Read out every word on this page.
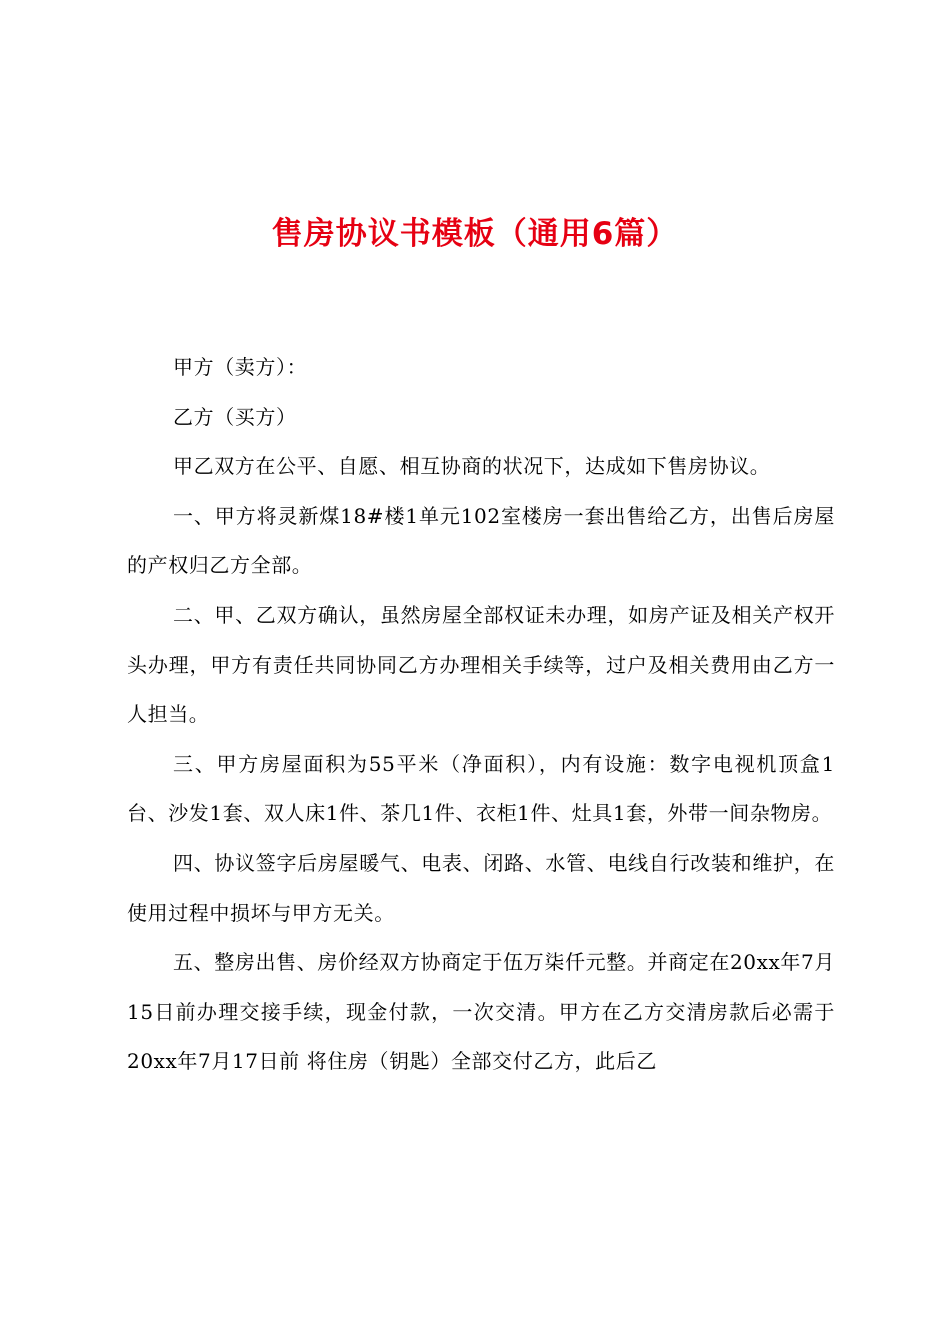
售房协议书模板（通用6篇）

甲方（卖方）：

乙方（买方）

甲乙双方在公平、自愿、相互协商的状况下，达成如下售房协议。

一、甲方将灵新煤18#楼1单元102室楼房一套出售给乙方，出售后房屋的产权归乙方全部。

二、甲、乙双方确认，虽然房屋全部权证未办理，如房产证及相关产权开头办理，甲方有责任共同协同乙方办理相关手续等，过户及相关费用由乙方一人担当。

三、甲方房屋面积为55平米（净面积），内有设施：数字电视机顶盒1台、沙发1套、双人床1件、茶几1件、衣柜1件、灶具1套，外带一间杂物房。

四、协议签字后房屋暖气、电表、闭路、水管、电线自行改装和维护，在使用过程中损坏与甲方无关。

五、整房出售、房价经双方协商定于伍万柒仟元整。并商定在20xx年7月15日前办理交接手续，现金付款，一次交清。甲方在乙方交清房款后必需于20xx年7月17日前 将住房（钥匙）全部交付乙方，此后乙
